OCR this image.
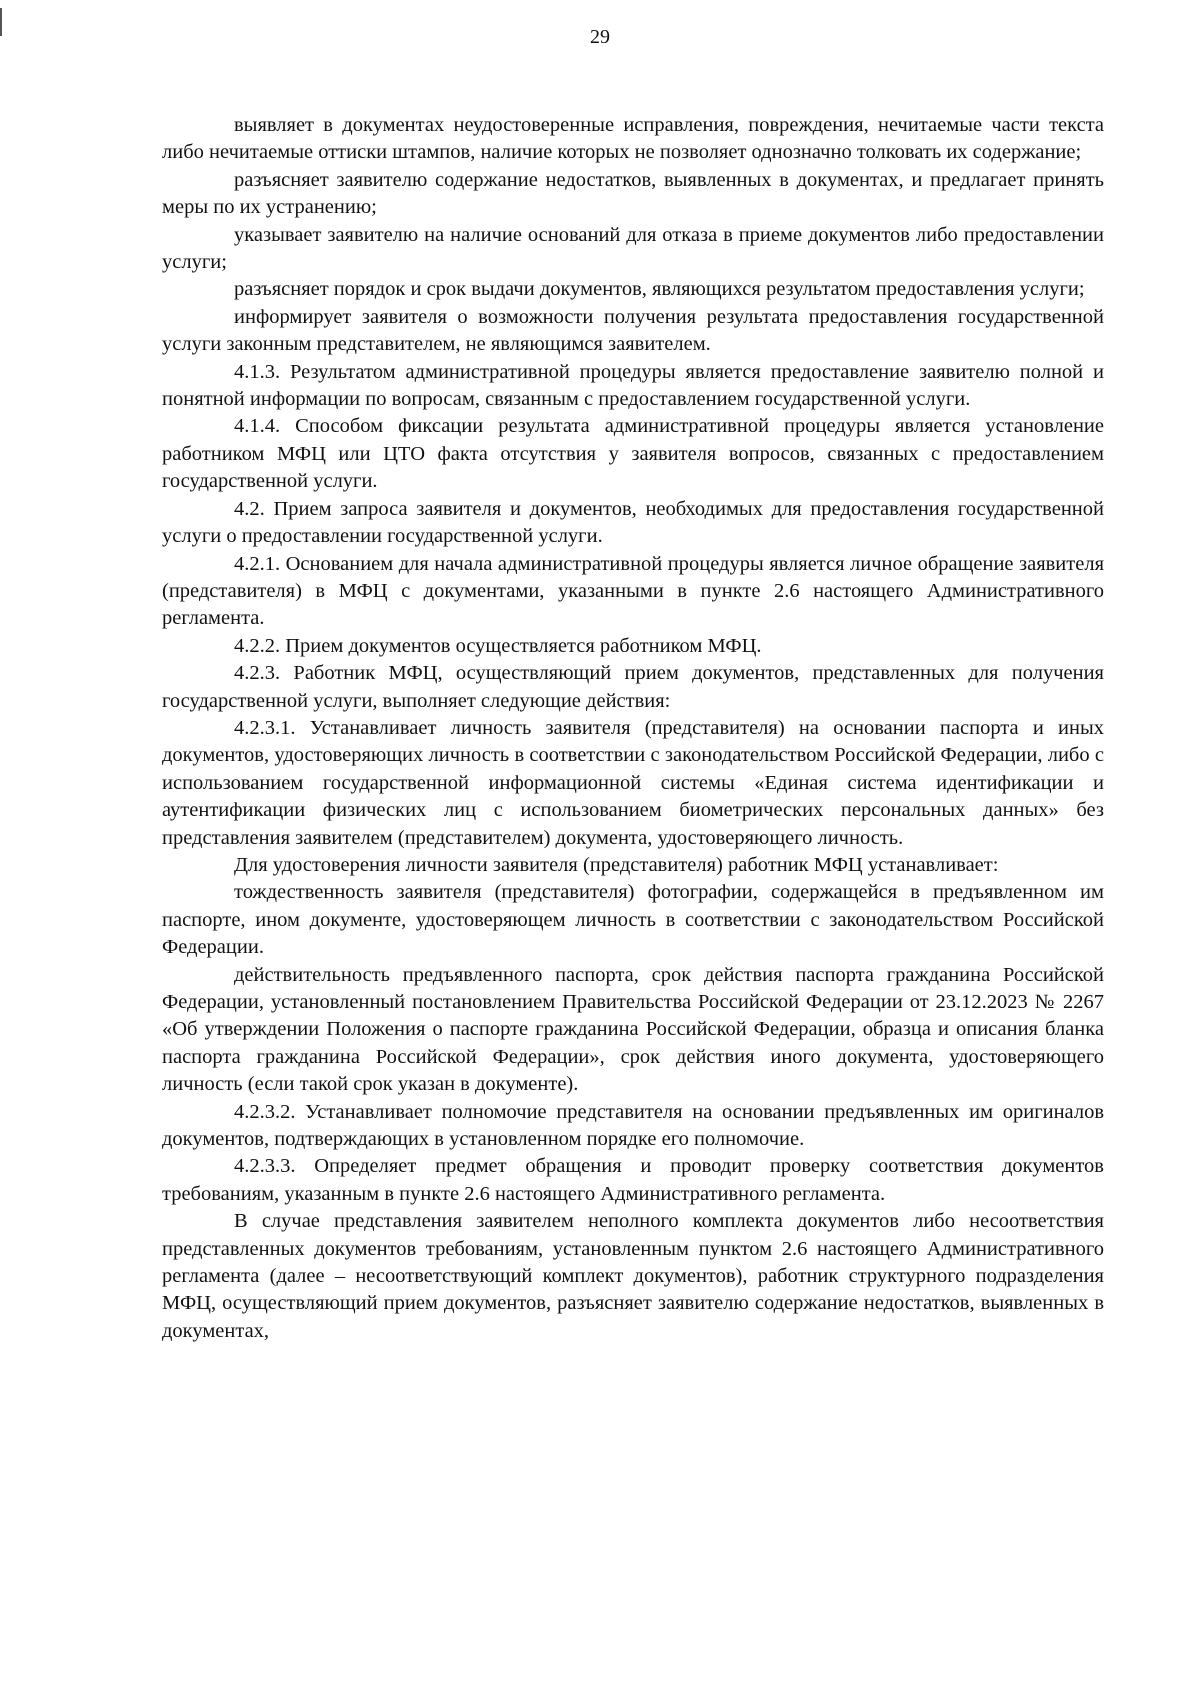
29

выявляет в документах неудостоверенные исправления, повреждения, нечитаемые части текста либо нечитаемые оттиски штампов, наличие которых не позволяет однозначно толковать их содержание;

разъясняет заявителю содержание недостатков, выявленных в документах, и предлагает принять меры по их устранению;

указывает заявителю на наличие оснований для отказа в приеме документов либо предоставлении услуги;

разъясняет порядок и срок выдачи документов, являющихся результатом предоставления услуги;

информирует заявителя о возможности получения результата предоставления государственной услуги законным представителем, не являющимся заявителем.

4.1.3. Результатом административной процедуры является предоставление заявителю полной и понятной информации по вопросам, связанным с предоставлением государственной услуги.

4.1.4. Способом фиксации результата административной процедуры является установление работником МФЦ или ЦТО факта отсутствия у заявителя вопросов, связанных с предоставлением государственной услуги.

4.2. Прием запроса заявителя и документов, необходимых для предоставления государственной услуги о предоставлении государственной услуги.

4.2.1. Основанием для начала административной процедуры является личное обращение заявителя (представителя) в МФЦ с документами, указанными в пункте 2.6 настоящего Административного регламента.

4.2.2. Прием документов осуществляется работником МФЦ.

4.2.3. Работник МФЦ, осуществляющий прием документов, представленных для получения государственной услуги, выполняет следующие действия:

4.2.3.1. Устанавливает личность заявителя (представителя) на основании паспорта и иных документов, удостоверяющих личность в соответствии с законодательством Российской Федерации, либо с использованием государственной информационной системы «Единая система идентификации и аутентификации физических лиц с использованием биометрических персональных данных» без представления заявителем (представителем) документа, удостоверяющего личность.

Для удостоверения личности заявителя (представителя) работник МФЦ устанавливает:

тождественность заявителя (представителя) фотографии, содержащейся в предъявленном им паспорте, ином документе, удостоверяющем личность в соответствии с законодательством Российской Федерации.

действительность предъявленного паспорта, срок действия паспорта гражданина Российской Федерации, установленный постановлением Правительства Российской Федерации от 23.12.2023 № 2267 «Об утверждении Положения о паспорте гражданина Российской Федерации, образца и описания бланка паспорта гражданина Российской Федерации», срок действия иного документа, удостоверяющего личность (если такой срок указан в документе).

4.2.3.2. Устанавливает полномочие представителя на основании предъявленных им оригиналов документов, подтверждающих в установленном порядке его полномочие.

4.2.3.3. Определяет предмет обращения и проводит проверку соответствия документов требованиям, указанным в пункте 2.6 настоящего Административного регламента.

В случае представления заявителем неполного комплекта документов либо несоответствия представленных документов требованиям, установленным пунктом 2.6 настоящего Административного регламента (далее – несоответствующий комплект документов), работник структурного подразделения МФЦ, осуществляющий прием документов, разъясняет заявителю содержание недостатков, выявленных в документах,
